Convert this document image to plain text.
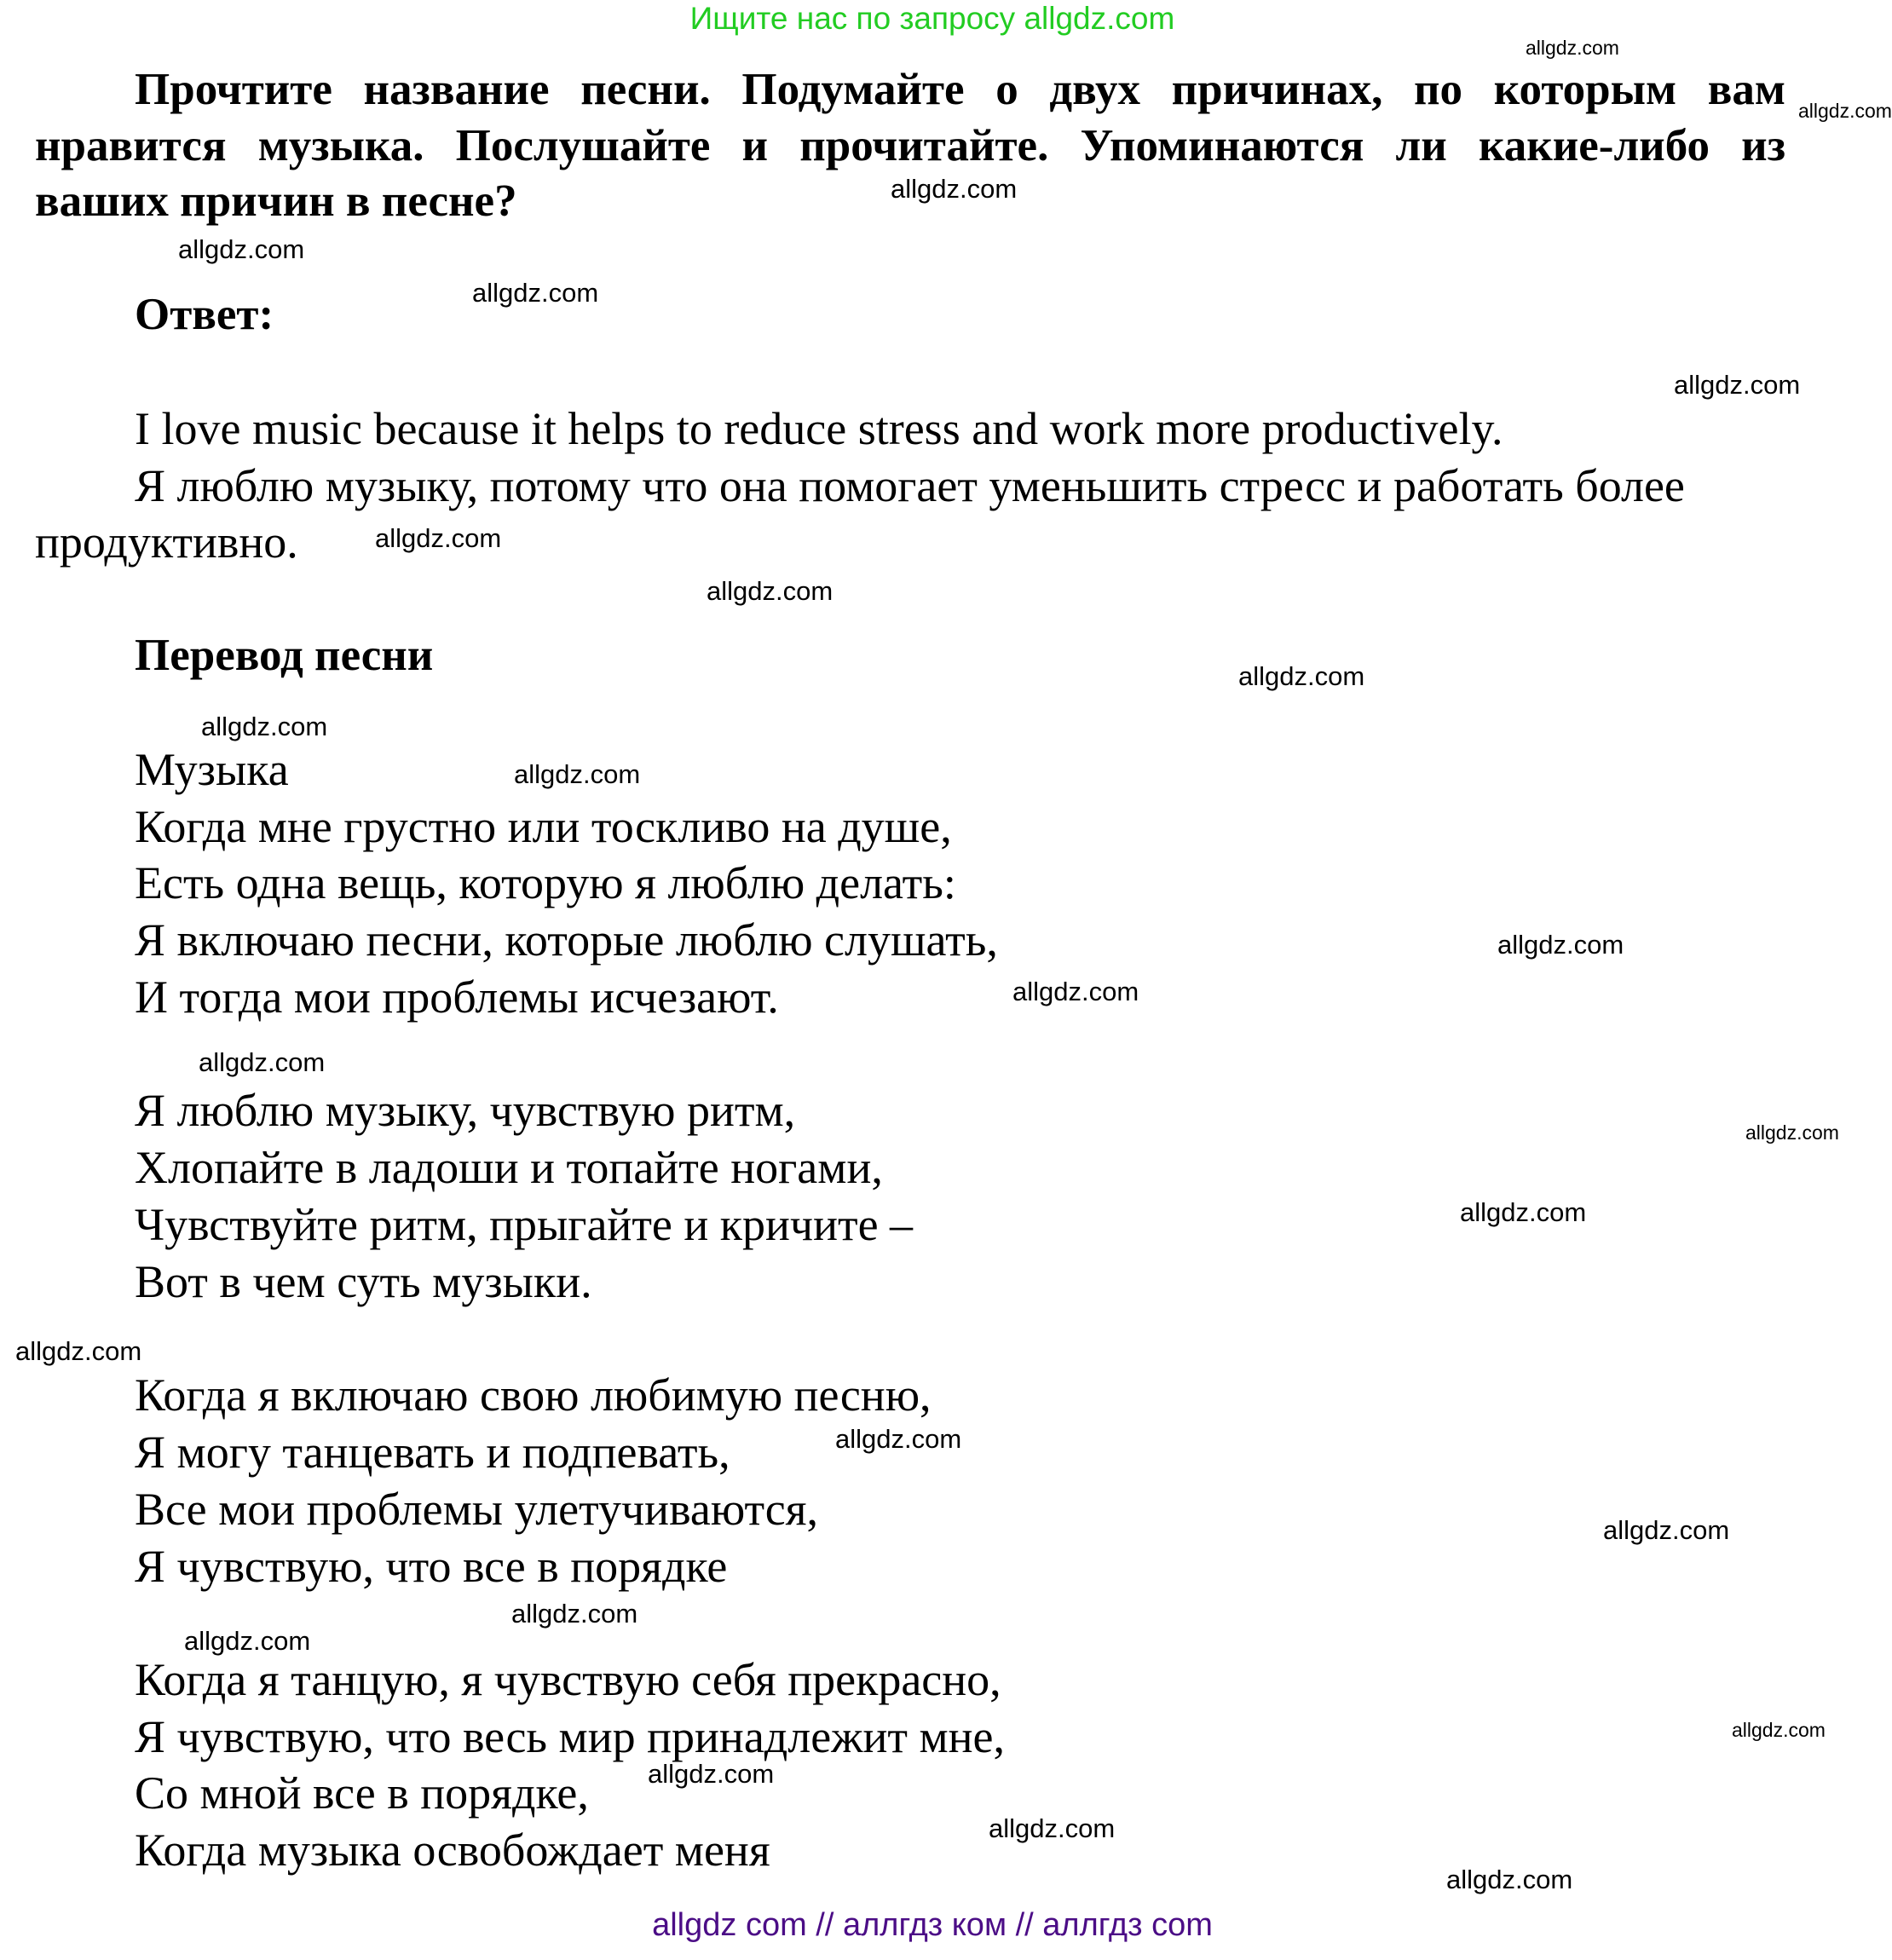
Ищите нас по запросу allgdz.com
Прочтите название песни. Подумайте о двух причинах, по которым вам
нравится музыка. Послушайте и прочитайте. Упоминаются ли какие-либо из
ваших причин в песне?
Ответ:
I love music because it helps to reduce stress and work more productively.
Я люблю музыку, потому что она помогает уменьшить стресс и работать более
продуктивно.
Перевод песни
Музыка
Когда мне грустно или тоскливо на душе,
Есть одна вещь, которую я люблю делать:
Я включаю песни, которые люблю слушать,
И тогда мои проблемы исчезают.
Я люблю музыку, чувствую ритм,
Хлопайте в ладоши и топайте ногами,
Чувствуйте ритм, прыгайте и кричите –
Вот в чем суть музыки.
Когда я включаю свою любимую песню,
Я могу танцевать и подпевать,
Все мои проблемы улетучиваются,
Я чувствую, что все в порядке
Когда я танцую, я чувствую себя прекрасно,
Я чувствую, что весь мир принадлежит мне,
Со мной все в порядке,
Когда музыка освобождает меня
allgdz.com
allgdz.com
allgdz.com
allgdz.com
allgdz.com
allgdz.com
allgdz.com
allgdz.com
allgdz.com
allgdz.com
allgdz.com
allgdz.com
allgdz.com
allgdz.com
allgdz.com
allgdz.com
allgdz.com
allgdz.com
allgdz.com
allgdz.com
allgdz.com
allgdz.com
allgdz.com
allgdz.com
allgdz.com
allgdz com // аллгдз ком // аллгдз com
